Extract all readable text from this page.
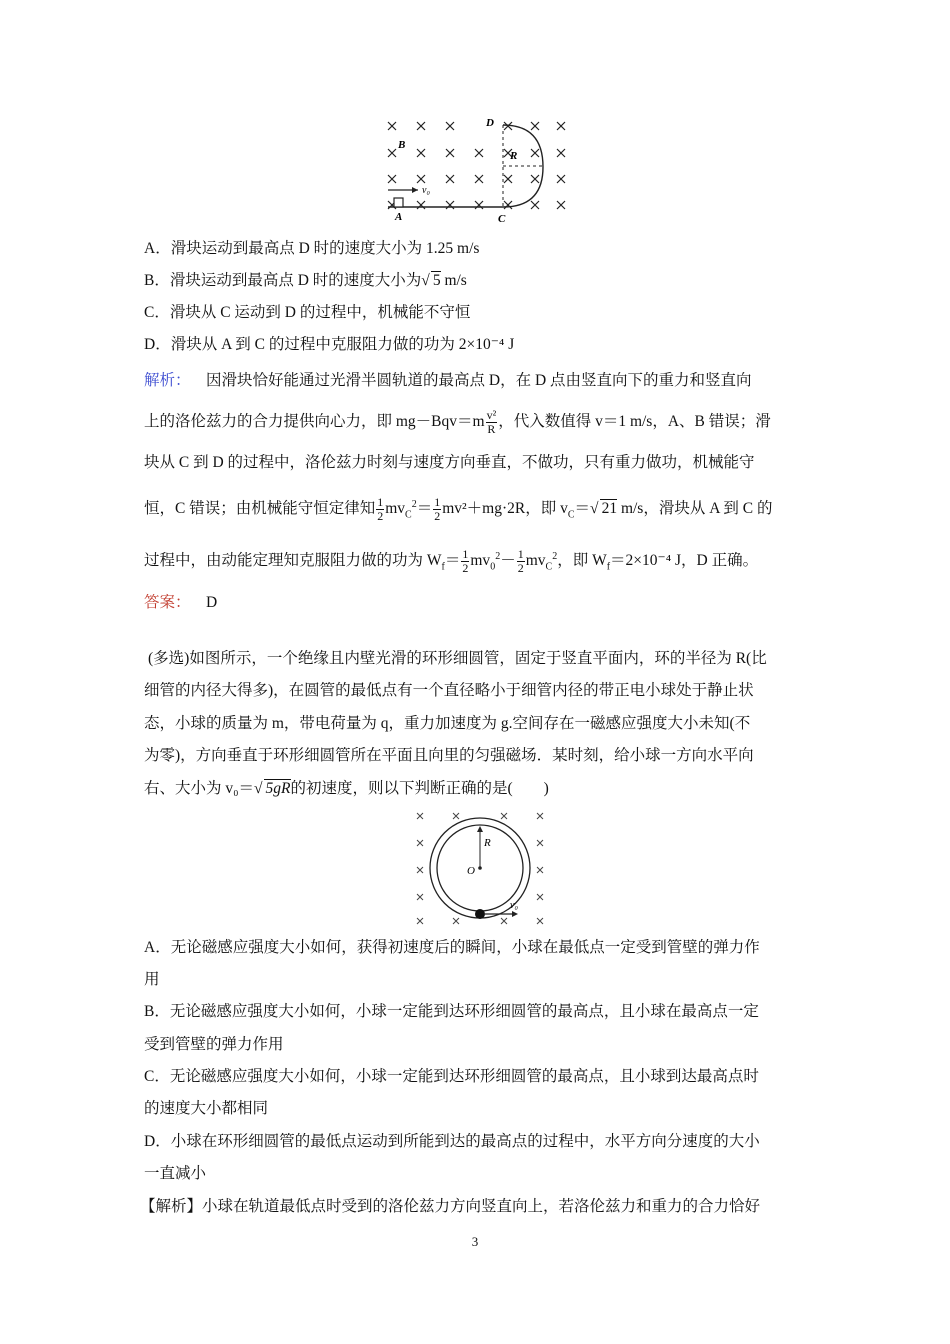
v₀
D
B
R
A	C
A．滑块运动到最高点 D 时的速度大小为 1.25 m/s
B．滑块运动到最高点 D 时的速度大小为√ 5 m/s
C．滑块从 C 运动到 D 的过程中，机械能不守恒
D．滑块从 A 到 C 的过程中克服阻力做的功为 2×10⁻⁴ J
解析： 因滑块恰好能通过光滑半圆轨道的最高点 D，在 D 点由竖直向下的重力和竖直向
上的洛伦兹力的合力提供向心力，即 $mg-Bqv=m \frac{\text{v²}}{R}$ ，代入数值得 v＝1 m/s，A、B 错误；滑
块从 C 到 D 的过程中，洛伦兹力时刻与速度方向垂直，不做功，只有重力做功，机械能守
恒，C 错误；由机械能守恒定律知 $\frac{1}{2} mv_C^2= \frac{1}{2} mv^2+mg\cdot 2R$，即 $v_C=√$ 21 m/s，滑块从 A 到 C 的
过程中，由动能定理知克服阻力做的功为 $W_f= \frac{1}{2} mv_0^2- \frac{1}{2} mv_C^2$，即 $W_f=2\times 10^{-4}$ J，D 正确。
答案： D
(多选)如图所示，一个绝缘且内壁光滑的环形细圆管，固定于竖直平面内，环的半径为 R(比
细管的内径大得多)，在圆管的最低点有一个直径略小于细管内径的带正电小球处于静止状
态，小球的质量为 m，带电荷量为 q，重力加速度为 g.空间存在一磁感应强度大小未知(不
为零)，方向垂直于环形细圆管所在平面且向里的匀强磁场．某时刻，给小球一方向水平向
右、大小为 v₀＝√ 5gR的初速度，则以下判断正确的是(　　)
R
O
v₀
A．无论磁感应强度大小如何，获得初速度后的瞬间，小球在最低点一定受到管壁的弹力作
用
B．无论磁感应强度大小如何，小球一定能到达环形细圆管的最高点，且小球在最高点一定
受到管壁的弹力作用
C．无论磁感应强度大小如何，小球一定能到达环形细圆管的最高点，且小球到达最高点时
的速度大小都相同
D．小球在环形细圆管的最低点运动到所能到达的最高点的过程中，水平方向分速度的大小
一直减小
【解析】小球在轨道最低点时受到的洛伦兹力方向竖直向上，若洛伦兹力和重力的合力恰好
3
